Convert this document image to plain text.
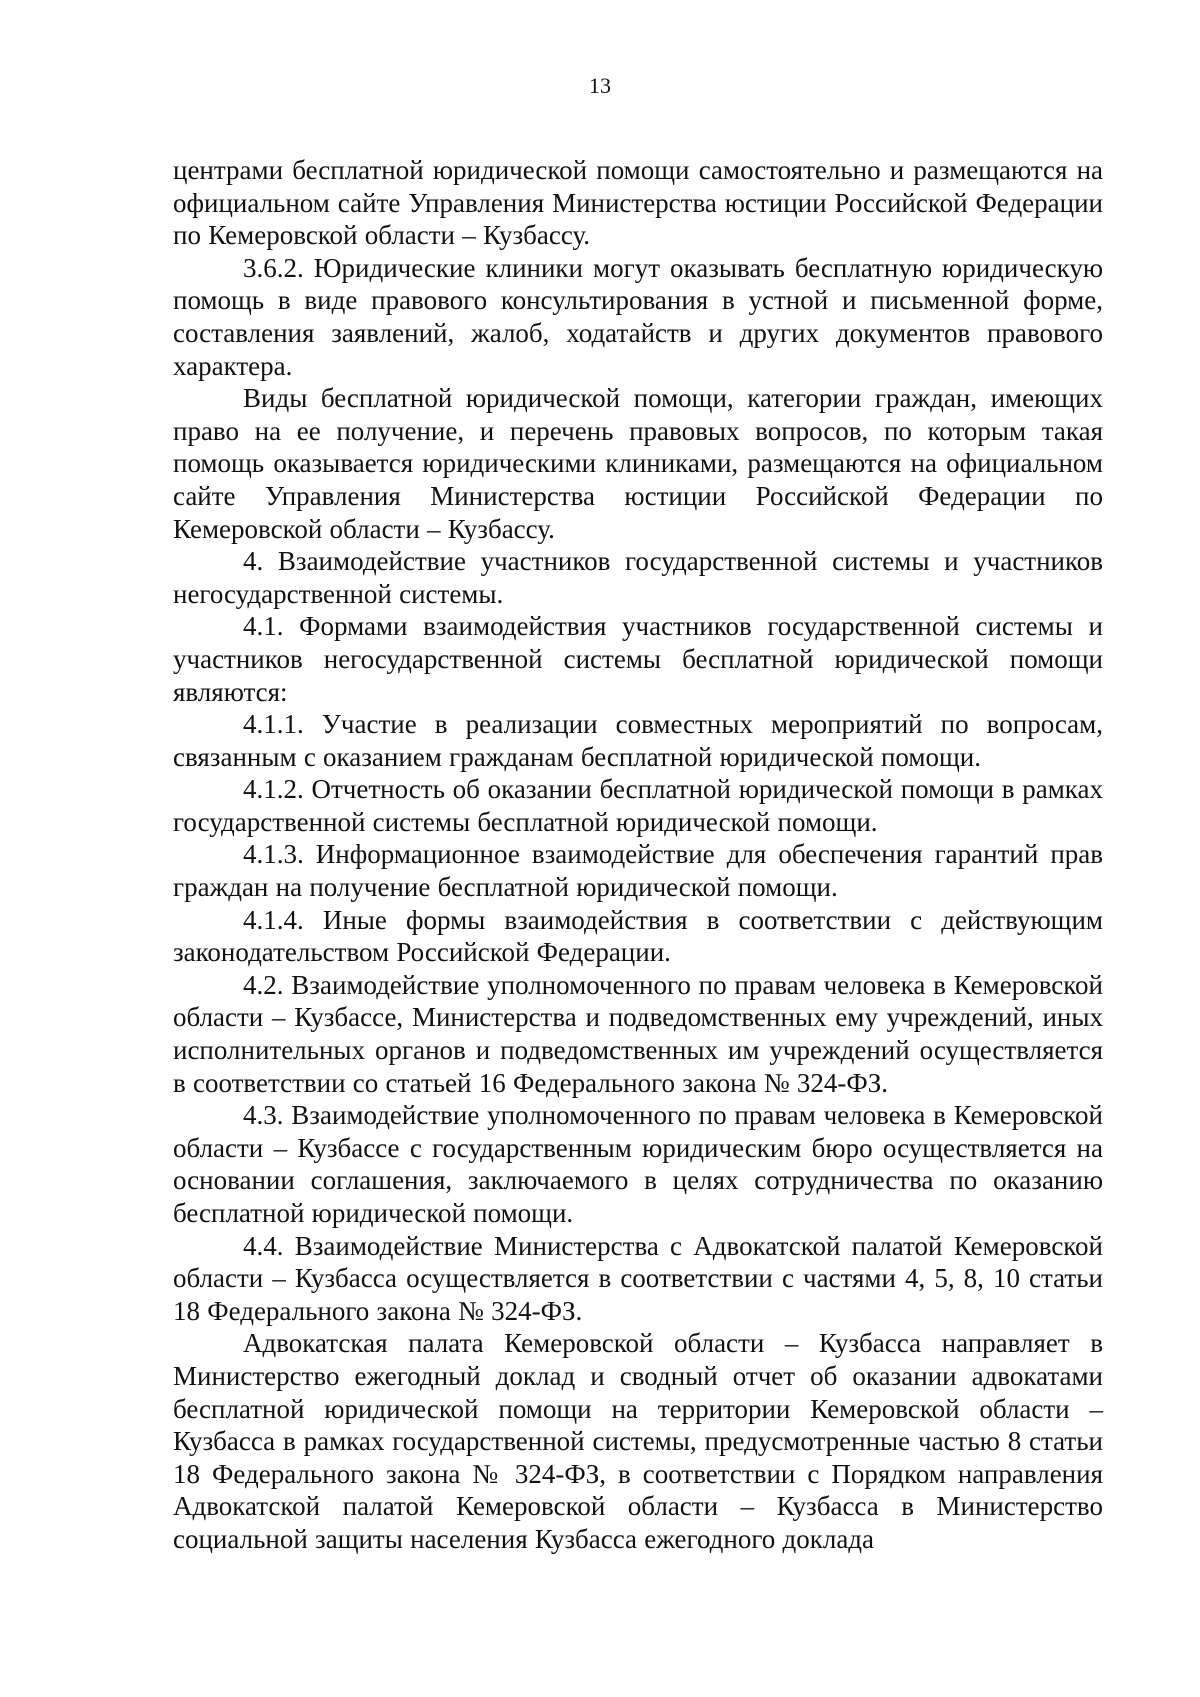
13

центрами бесплатной юридической помощи самостоятельно и размещаются на официальном сайте Управления Министерства юстиции Российской Федерации по Кемеровской области – Кузбассу.

3.6.2. Юридические клиники могут оказывать бесплатную юридическую помощь в виде правового консультирования в устной и письменной форме, составления заявлений, жалоб, ходатайств и других документов правового характера.

Виды бесплатной юридической помощи, категории граждан, имеющих право на ее получение, и перечень правовых вопросов, по которым такая помощь оказывается юридическими клиниками, размещаются на официальном сайте Управления Министерства юстиции Российской Федерации по Кемеровской области – Кузбассу.

4. Взаимодействие участников государственной системы и участников негосударственной системы.

4.1. Формами взаимодействия участников государственной системы и участников негосударственной системы бесплатной юридической помощи являются:

4.1.1. Участие в реализации совместных мероприятий по вопросам, связанным с оказанием гражданам бесплатной юридической помощи.

4.1.2. Отчетность об оказании бесплатной юридической помощи в рамках государственной системы бесплатной юридической помощи.

4.1.3. Информационное взаимодействие для обеспечения гарантий прав граждан на получение бесплатной юридической помощи.

4.1.4. Иные формы взаимодействия в соответствии с действующим законодательством Российской Федерации.

4.2. Взаимодействие уполномоченного по правам человека в Кемеровской области – Кузбассе, Министерства и подведомственных ему учреждений, иных исполнительных органов и подведомственных им учреждений осуществляется в соответствии со статьей 16 Федерального закона № 324-ФЗ.

4.3. Взаимодействие уполномоченного по правам человека в Кемеровской области – Кузбассе с государственным юридическим бюро осуществляется на основании соглашения, заключаемого в целях сотрудничества по оказанию бесплатной юридической помощи.

4.4. Взаимодействие Министерства с Адвокатской палатой Кемеровской области – Кузбасса осуществляется в соответствии с частями 4, 5, 8, 10 статьи 18 Федерального закона № 324-ФЗ.

Адвокатская палата Кемеровской области – Кузбасса направляет в Министерство ежегодный доклад и сводный отчет об оказании адвокатами бесплатной юридической помощи на территории Кемеровской области – Кузбасса в рамках государственной системы, предусмотренные частью 8 статьи 18 Федерального закона № 324-ФЗ, в соответствии с Порядком направления Адвокатской палатой Кемеровской области – Кузбасса в Министерство социальной защиты населения Кузбасса ежегодного доклада
